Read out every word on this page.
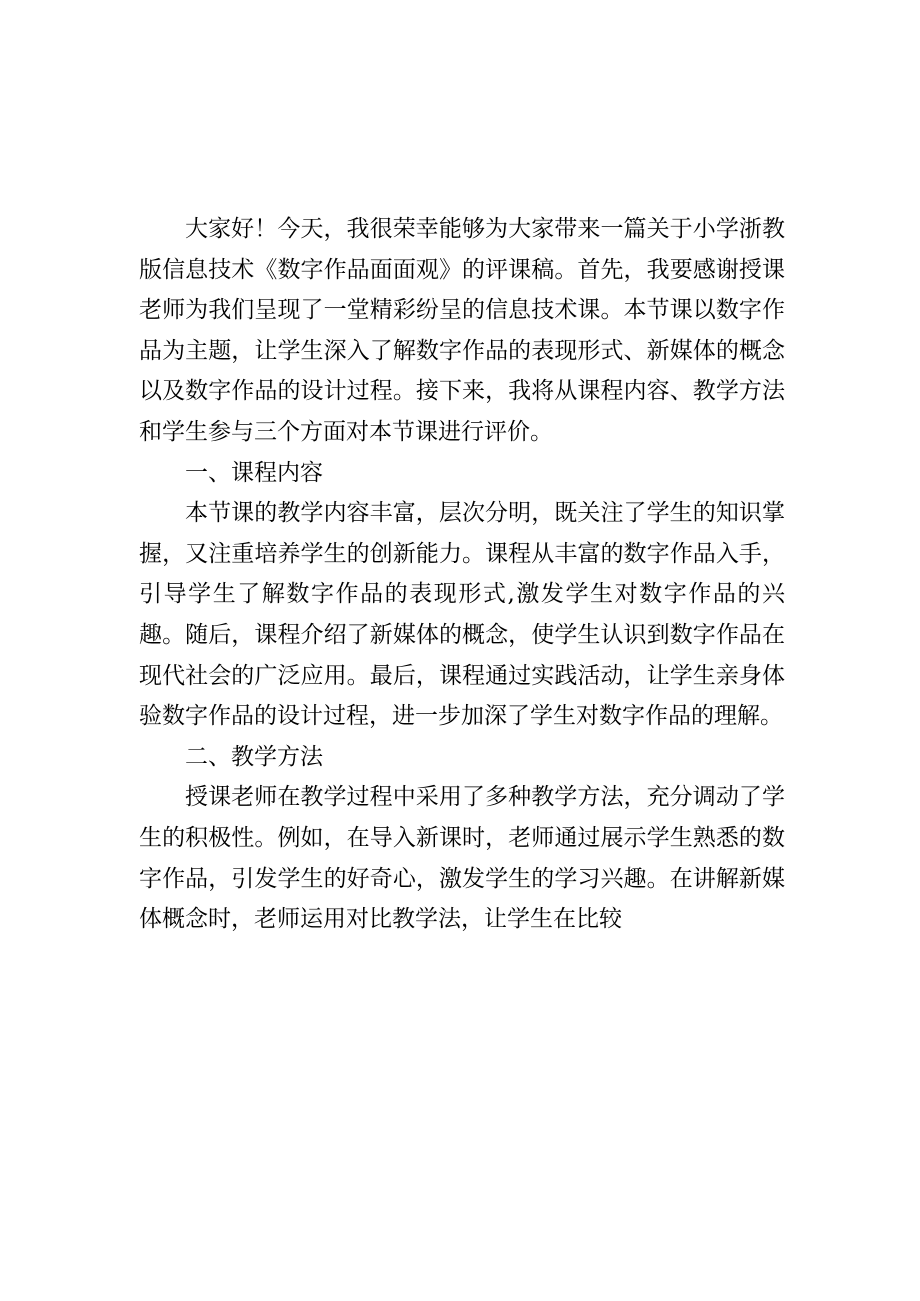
大家好！今天，我很荣幸能够为大家带来一篇关于小学浙教版信息技术《数字作品面面观》的评课稿。首先，我要感谢授课老师为我们呈现了一堂精彩纷呈的信息技术课。本节课以数字作品为主题，让学生深入了解数字作品的表现形式、新媒体的概念以及数字作品的设计过程。接下来，我将从课程内容、教学方法和学生参与三个方面对本节课进行评价。

一、课程内容

本节课的教学内容丰富，层次分明，既关注了学生的知识掌握，又注重培养学生的创新能力。课程从丰富的数字作品入手，引导学生了解数字作品的表现形式,激发学生对数字作品的兴趣。随后，课程介绍了新媒体的概念，使学生认识到数字作品在现代社会的广泛应用。最后，课程通过实践活动，让学生亲身体验数字作品的设计过程，进一步加深了学生对数字作品的理解。

二、教学方法

授课老师在教学过程中采用了多种教学方法，充分调动了学生的积极性。例如，在导入新课时，老师通过展示学生熟悉的数字作品，引发学生的好奇心，激发学生的学习兴趣。在讲解新媒体概念时，老师运用对比教学法，让学生在比较
